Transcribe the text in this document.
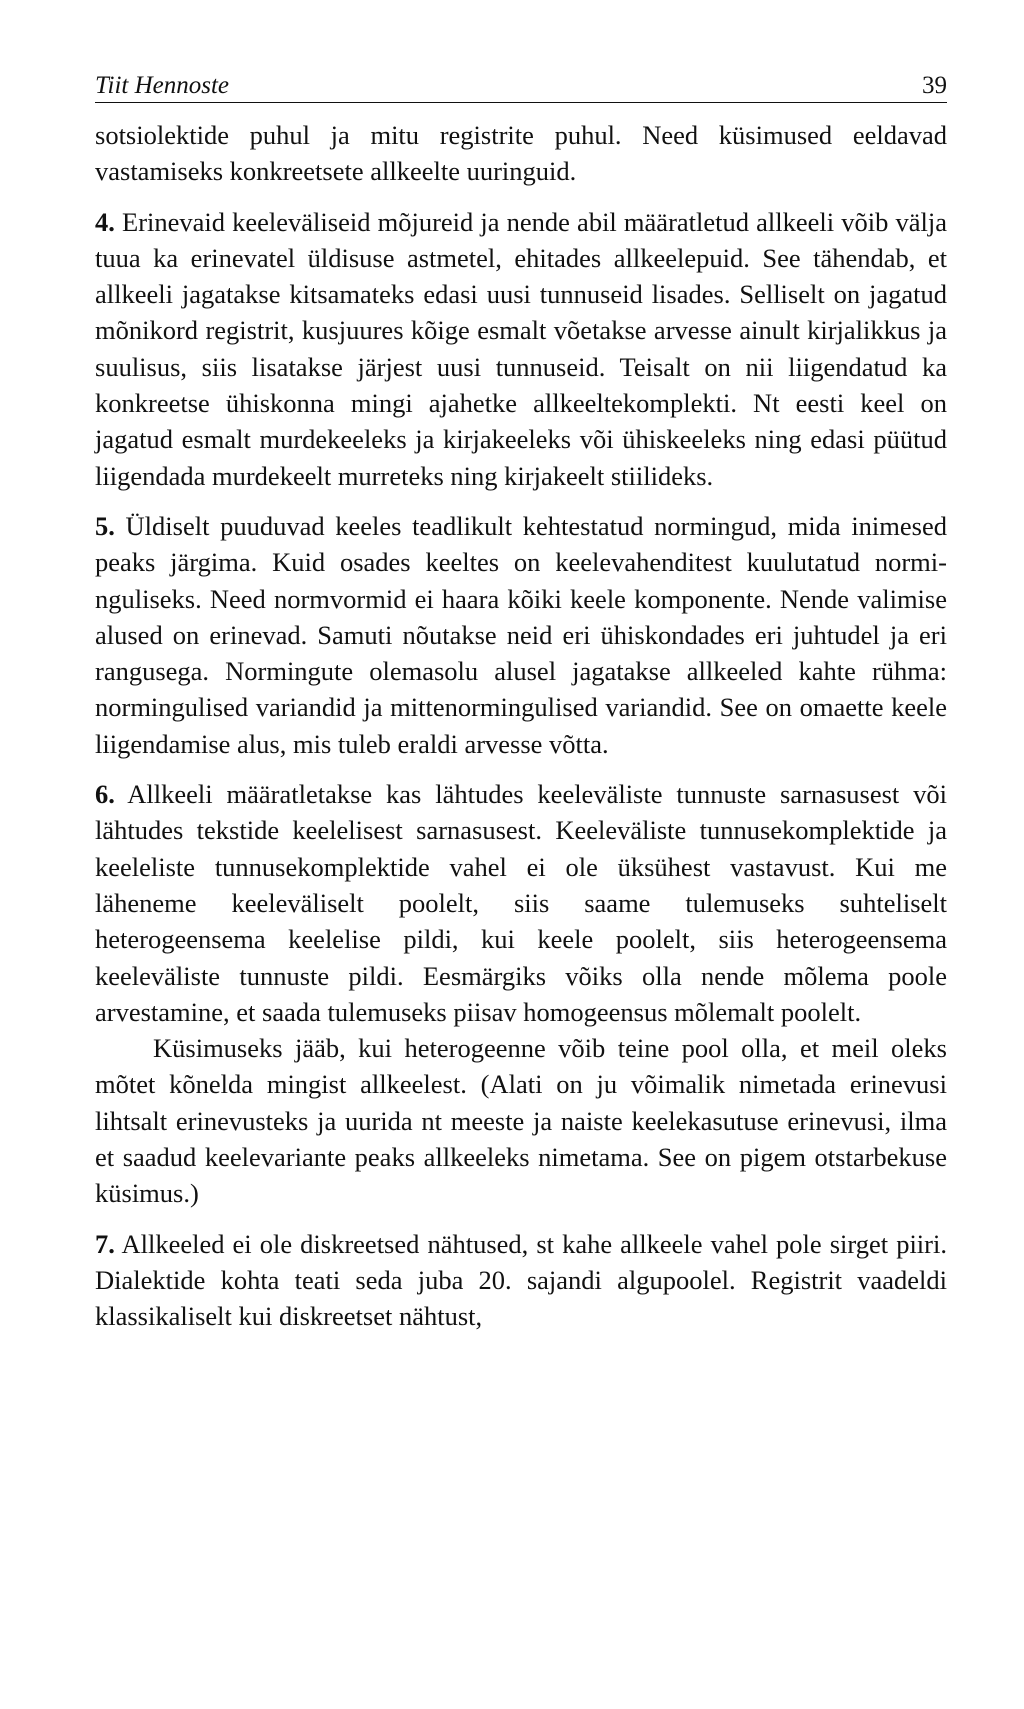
Tiit Hennoste	39

sotsiolektide puhul ja mitu registrite puhul. Need küsimused eeldavad vastamiseks konkreetsete allkeelte uuringuid.

4. Erinevaid keeleväliseid mõjureid ja nende abil määratletud allkeeli võib välja tuua ka erinevatel üldisuse astmetel, ehitades allkeelepuid. See tähendab, et allkeeli jagatakse kitsamateks edasi uusi tunnuseid lisades. Selliselt on jagatud mõnikord registrit, kusjuures kõige esmalt võetakse arvesse ainult kirjalikkus ja suulisus, siis lisatakse järjest uusi tunnuseid. Teisalt on nii liigendatud ka konkreetse ühiskonna mingi ajahetke allkeeltekomplekti. Nt eesti keel on jagatud esmalt murdekeeleks ja kirjakeeleks või ühiskeeleks ning edasi püütud liigendada murdekeelt murreteks ning kirjakeelt stiilideks.

5. Üldiselt puuduvad keeles teadlikult kehtestatud normingud, mida inimesed peaks järgima. Kuid osades keeltes on keelevahenditest kuulutatud norminguliseks. Need normvormid ei haara kõiki keele komponente. Nende valimise alused on erinevad. Samuti nõutakse neid eri ühiskondades eri juhtudel ja eri rangusega. Normingute olemasolu alusel jagatakse allkeeled kahte rühma: normingulised variandid ja mittenormingulised variandid. See on omaette keele liigendamise alus, mis tuleb eraldi arvesse võtta.

6. Allkeeli määratletakse kas lähtudes keeleväliste tunnuste sarnasusest või lähtudes tekstide keelelisest sarnasusest. Keeleväliste tunnusekomplektide ja keeleliste tunnusekomplektide vahel ei ole üksühest vastavust. Kui me läheneme keeleväliselt poolelt, siis saame tulemuseks suhteliselt heterogeensema keelelise pildi, kui keele poolelt, siis heterogeensema keeleväliste tunnuste pildi. Eesmärgiks võiks olla nende mõlema poole arvestamine, et saada tulemuseks piisav homogeensus mõlemalt poolelt.

Küsimuseks jääb, kui heterogeenne võib teine pool olla, et meil oleks mõtet kõnelda mingist allkeelest. (Alati on ju võimalik nimetada erinevusi lihtsalt erinevusteks ja uurida nt meeste ja naiste keelekasutuse erinevusi, ilma et saadud keelevariante peaks allkeeleks nimetama. See on pigem otstarbekuse küsimus.)

7. Allkeeled ei ole diskreetsed nähtused, st kahe allkeele vahel pole sirget piiri. Dialektide kohta teati seda juba 20. sajandi algupoolel. Registrit vaadeldi klassikaliselt kui diskreetset nähtust,
